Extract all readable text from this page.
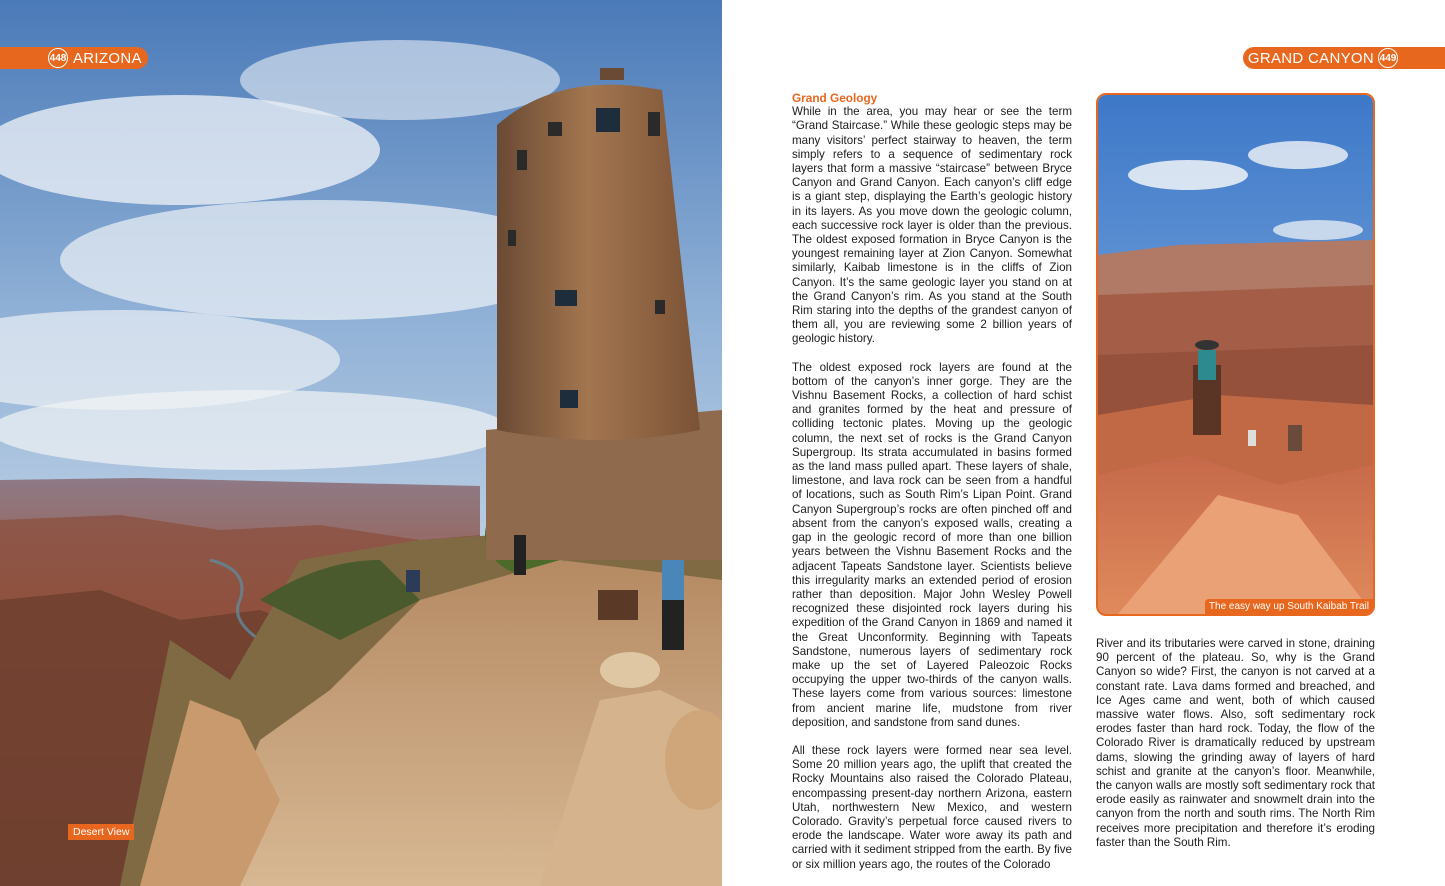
448 ARIZONA	GRAND CANYON 449
Desert View
Grand Geology

While in the area, you may hear or see the term “Grand Staircase.” While these geologic steps may be many visitors’ perfect stairway to heaven, the term simply refers to a sequence of sedimentary rock layers that form a massive “staircase” between Bryce Canyon and Grand Canyon. Each canyon’s cliff edge is a giant step, displaying the Earth’s geologic history in its layers. As you move down the geologic column, each successive rock layer is older than the previous. The oldest exposed formation in Bryce Canyon is the youngest remaining layer at Zion Canyon. Somewhat similarly, Kaibab limestone is in the cliffs of Zion Canyon. It’s the same geologic layer you stand on at the Grand Canyon’s rim. As you stand at the South Rim staring into the depths of the grandest canyon of them all, you are reviewing some 2 billion years of geologic history.

The oldest exposed rock layers are found at the bottom of the canyon’s inner gorge. They are the Vishnu Basement Rocks, a collection of hard schist and granites formed by the heat and pressure of colliding tectonic plates. Moving up the geologic column, the next set of rocks is the Grand Canyon Supergroup. Its strata accumulated in basins formed as the land mass pulled apart. These layers of shale, limestone, and lava rock can be seen from a handful of locations, such as South Rim’s Lipan Point. Grand Canyon Supergroup’s rocks are often pinched off and absent from the canyon’s exposed walls, creating a gap in the geologic record of more than one billion years between the Vishnu Basement Rocks and the adjacent Tapeats Sandstone layer. Scientists believe this irregularity marks an extended period of erosion rather than deposition. Major John Wesley Powell recognized these disjointed rock layers during his expedition of the Grand Canyon in 1869 and named it the Great Unconformity. Beginning with Tapeats Sandstone, numerous layers of sedimentary rock make up the set of Layered Paleozoic Rocks occupying the upper two-thirds of the canyon walls. These layers come from various sources: limestone from ancient marine life, mudstone from river deposition, and sandstone from sand dunes.

All these rock layers were formed near sea level. Some 20 million years ago, the uplift that created the Rocky Mountains also raised the Colorado Plateau, encompassing present-day northern Arizona, eastern Utah, northwestern New Mexico, and western Colorado. Gravity’s perpetual force caused rivers to erode the landscape. Water wore away its path and carried with it sediment stripped from the earth. By five or six million years ago, the routes of the Colorado

The easy way up South Kaibab Trail

River and its tributaries were carved in stone, draining 90 percent of the plateau. So, why is the Grand Canyon so wide? First, the canyon is not carved at a constant rate. Lava dams formed and breached, and Ice Ages came and went, both of which caused massive water flows. Also, soft sedimentary rock erodes faster than hard rock. Today, the flow of the Colorado River is dramatically reduced by upstream dams, slowing the grinding away of layers of hard schist and granite at the canyon’s floor. Meanwhile, the canyon walls are mostly soft sedimentary rock that erode easily as rainwater and snowmelt drain into the canyon from the north and south rims. The North Rim receives more precipitation and therefore it’s eroding faster than the South Rim.
